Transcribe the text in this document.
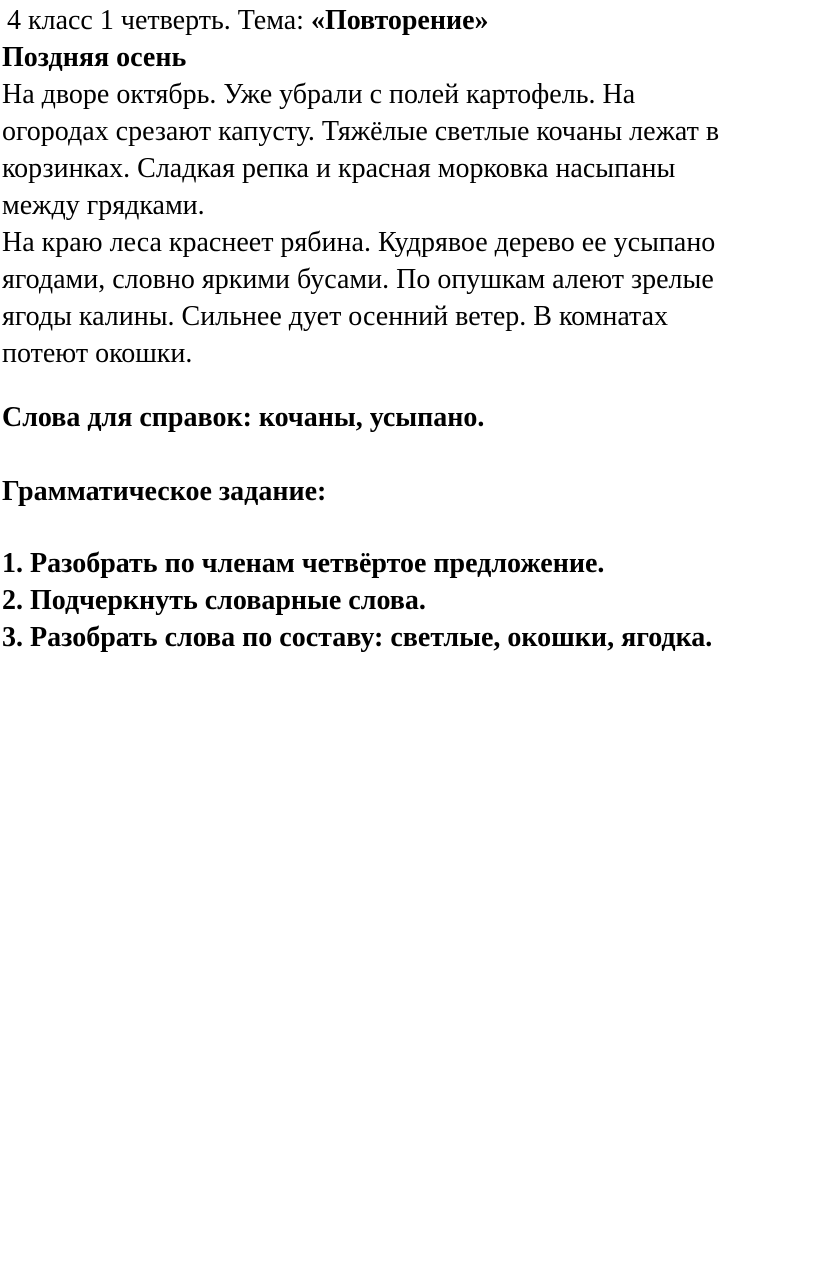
4 класс 1 четверть. Тема: «Повторение»

Поздняя осень

На дворе октябрь. Уже убрали с полей картофель. На

огородах срезают капусту. Тяжёлые светлые кочаны лежат в

корзинках. Сладкая репка и красная морковка насыпаны

между грядками.

На краю леса краснеет рябина. Кудрявое дерево ее усыпано

ягодами, словно яркими бусами. По опушкам алеют зрелые

ягоды калины. Сильнее дует осенний ветер. В комнатах

потеют окошки.

Слова для справок: кочаны, усыпано.

Грамматическое задание:

1. Разобрать по членам четвёртое предложение.

2. Подчеркнуть словарные слова.

3. Разобрать слова по составу: светлые, окошки, ягодка.
